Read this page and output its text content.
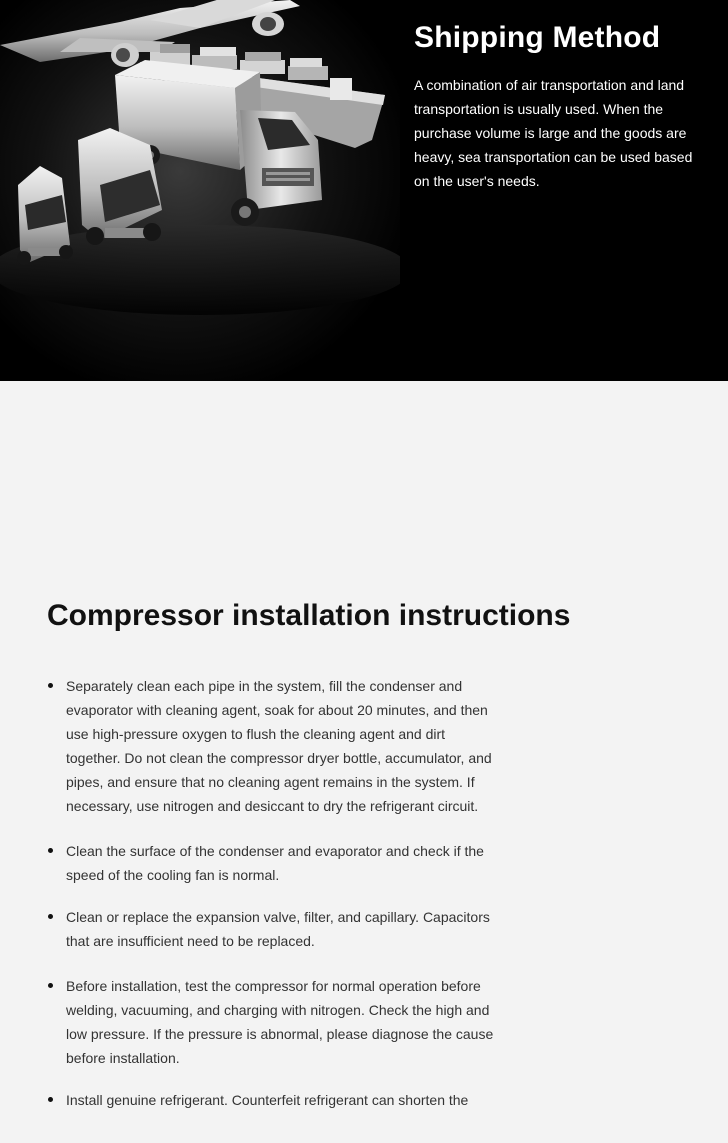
Shipping Method

A combination of air transportation and land transportation is usually used. When the purchase volume is large and the goods are heavy, sea transportation can be used based on the user's needs.

Compressor installation instructions
Separately clean each pipe in the system, fill the condenser and evaporator with cleaning agent, soak for about 20 minutes, and then use high-pressure oxygen to flush the cleaning agent and dirt together. Do not clean the compressor dryer bottle, accumulator, and pipes, and ensure that no cleaning agent remains in the system. If necessary, use nitrogen and desiccant to dry the refrigerant circuit.
Clean the surface of the condenser and evaporator and check if the speed of the cooling fan is normal.
Clean or replace the expansion valve, filter, and capillary. Capacitors that are insufficient need to be replaced.
Before installation, test the compressor for normal operation before welding, vacuuming, and charging with nitrogen. Check the high and low pressure. If the pressure is abnormal, please diagnose the cause before installation.
Install genuine refrigerant. Counterfeit refrigerant can shorten the
